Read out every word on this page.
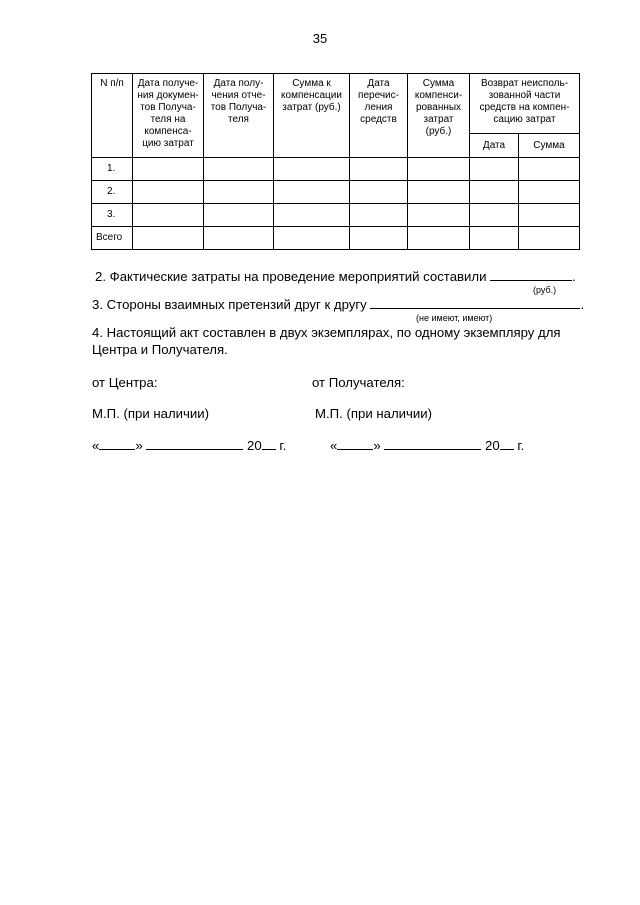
35
N п/п	Дата получе-ния докумен-тов Получа-теля на компенса-цию затрат	Дата полу-чения отче-тов Получа-теля	Сумма к компенсации затрат (руб.)	Дата перечис-ления средств	Сумма компенси-рованных затрат (руб.)	Возврат неисполь-зованной части средств на компен-сацию затрат	

						Дата	Сумма
1.							
2.							
3.							
Всего							
2. Фактические затраты на проведение мероприятий составили	.
(руб.)
3. Стороны взаимных претензий друг к другу	.
(не имеют, имеют)
4. Настоящий акт составлен в двух экземплярах, по одному экземпляру для
Центра и Получателя.
от Центра:	от Получателя:
М.П. (при наличии)	М.П. (при наличии)
«	»	20 г.	«	»	20 г.
